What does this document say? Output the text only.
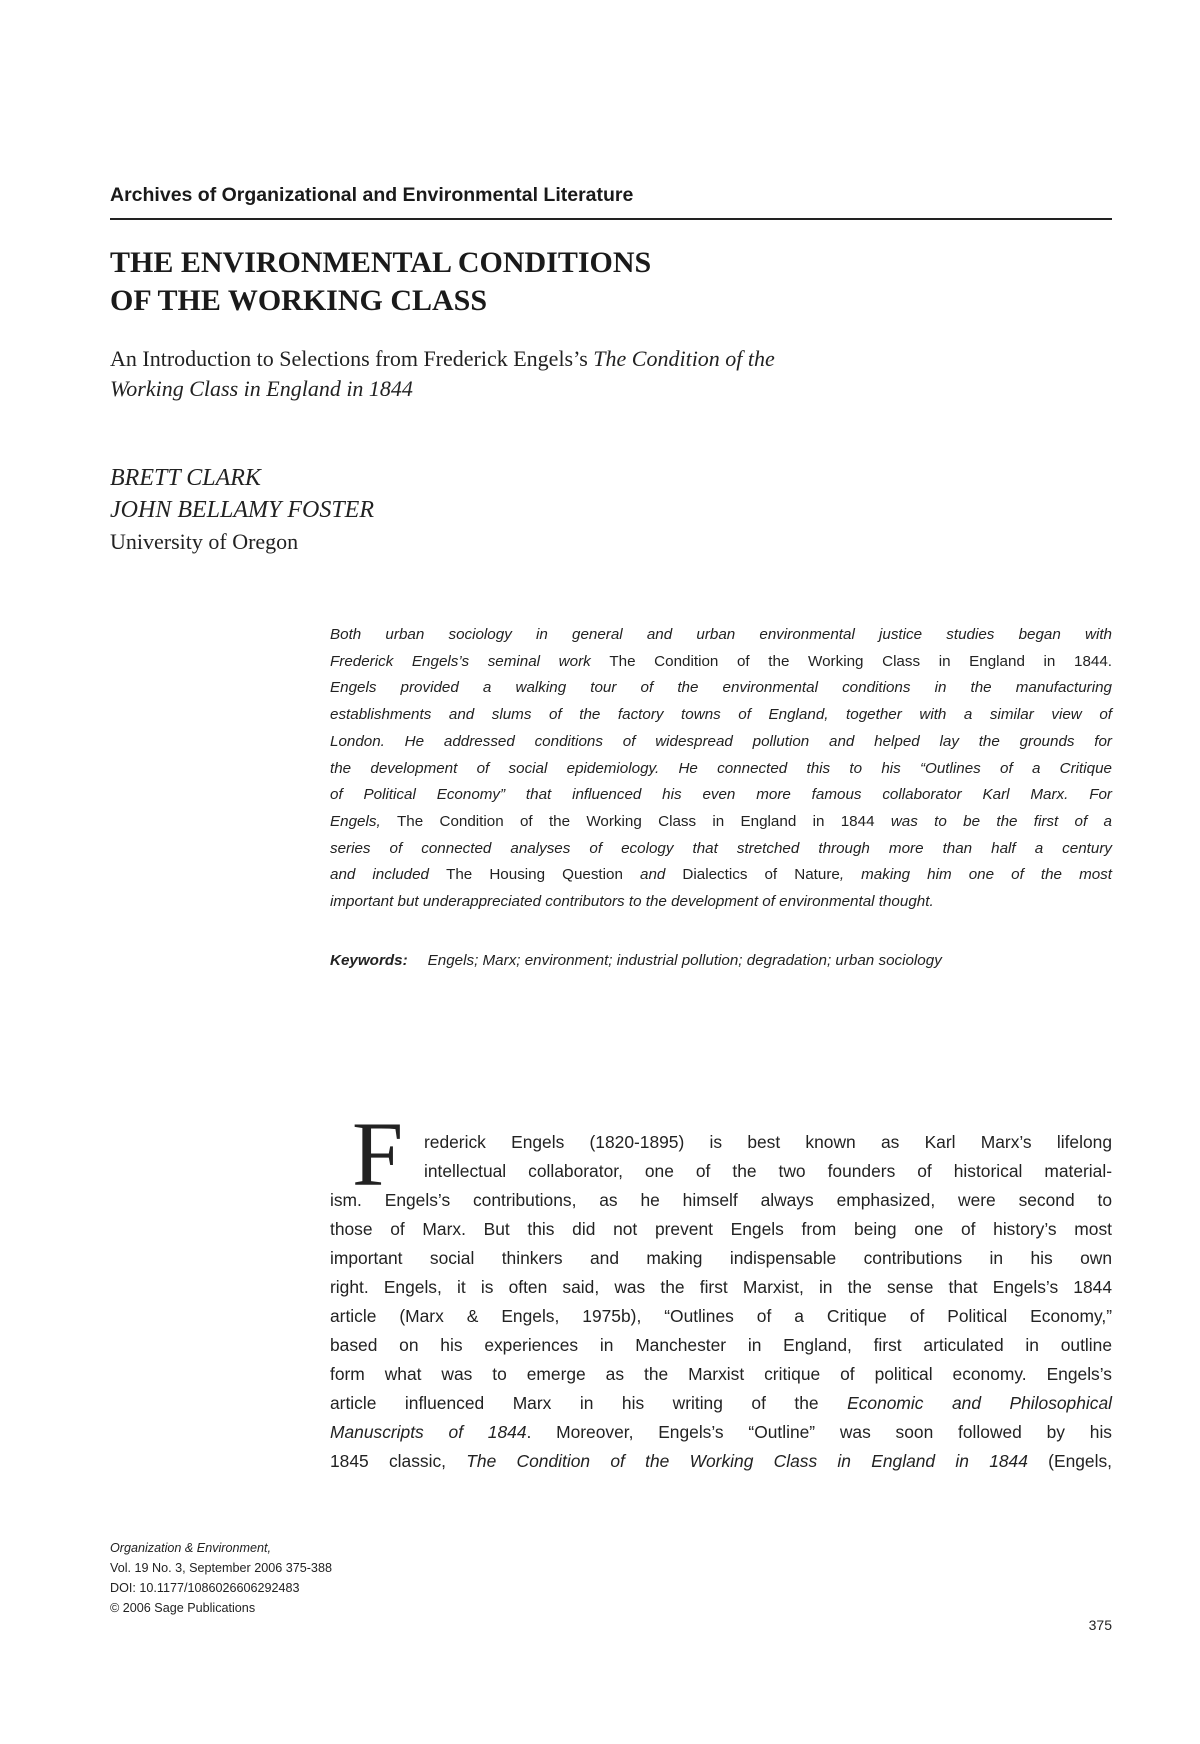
Archives of Organizational and Environmental Literature
THE ENVIRONMENTAL CONDITIONS
OF THE WORKING CLASS

An Introduction to Selections from Frederick Engels’s The Condition of the
Working Class in England in 1844

BRETT CLARK
JOHN BELLAMY FOSTER
University of Oregon
Both urban sociology in general and urban environmental justice studies began with
Frederick Engels’s seminal work The Condition of the Working Class in England in 1844.
Engels provided a walking tour of the environmental conditions in the manufacturing
establishments and slums of the factory towns of England, together with a similar view of
London. He addressed conditions of widespread pollution and helped lay the grounds for
the development of social epidemiology. He connected this to his “Outlines of a Critique
of Political Economy” that influenced his even more famous collaborator Karl Marx. For
Engels, The Condition of the Working Class in England in 1844 was to be the first of a
series of connected analyses of ecology that stretched through more than half a century
and included The Housing Question and Dialectics of Nature, making him one of the most
important but underappreciated contributors to the development of environmental thought.
Keywords: Engels; Marx; environment; industrial pollution; degradation; urban sociology
F	rederick Engels (1820-1895) is best known as Karl Marx’s lifelong
intellectual collaborator, one of the two founders of historical material-
ism. Engels’s contributions, as he himself always emphasized, were second to
those of Marx. But this did not prevent Engels from being one of history’s most
important social thinkers and making indispensable contributions in his own
right. Engels, it is often said, was the first Marxist, in the sense that Engels’s 1844
article (Marx & Engels, 1975b), “Outlines of a Critique of Political Economy,”
based on his experiences in Manchester in England, first articulated in outline
form what was to emerge as the Marxist critique of political economy. Engels’s
article influenced Marx in his writing of the Economic and Philosophical
Manuscripts of 1844. Moreover, Engels’s “Outline” was soon followed by his
1845 classic, The Condition of the Working Class in England in 1844 (Engels,
Organization & Environment,
Vol. 19 No. 3, September 2006 375-388
DOI: 10.1177/1086026606292483
© 2006 Sage Publications
375
